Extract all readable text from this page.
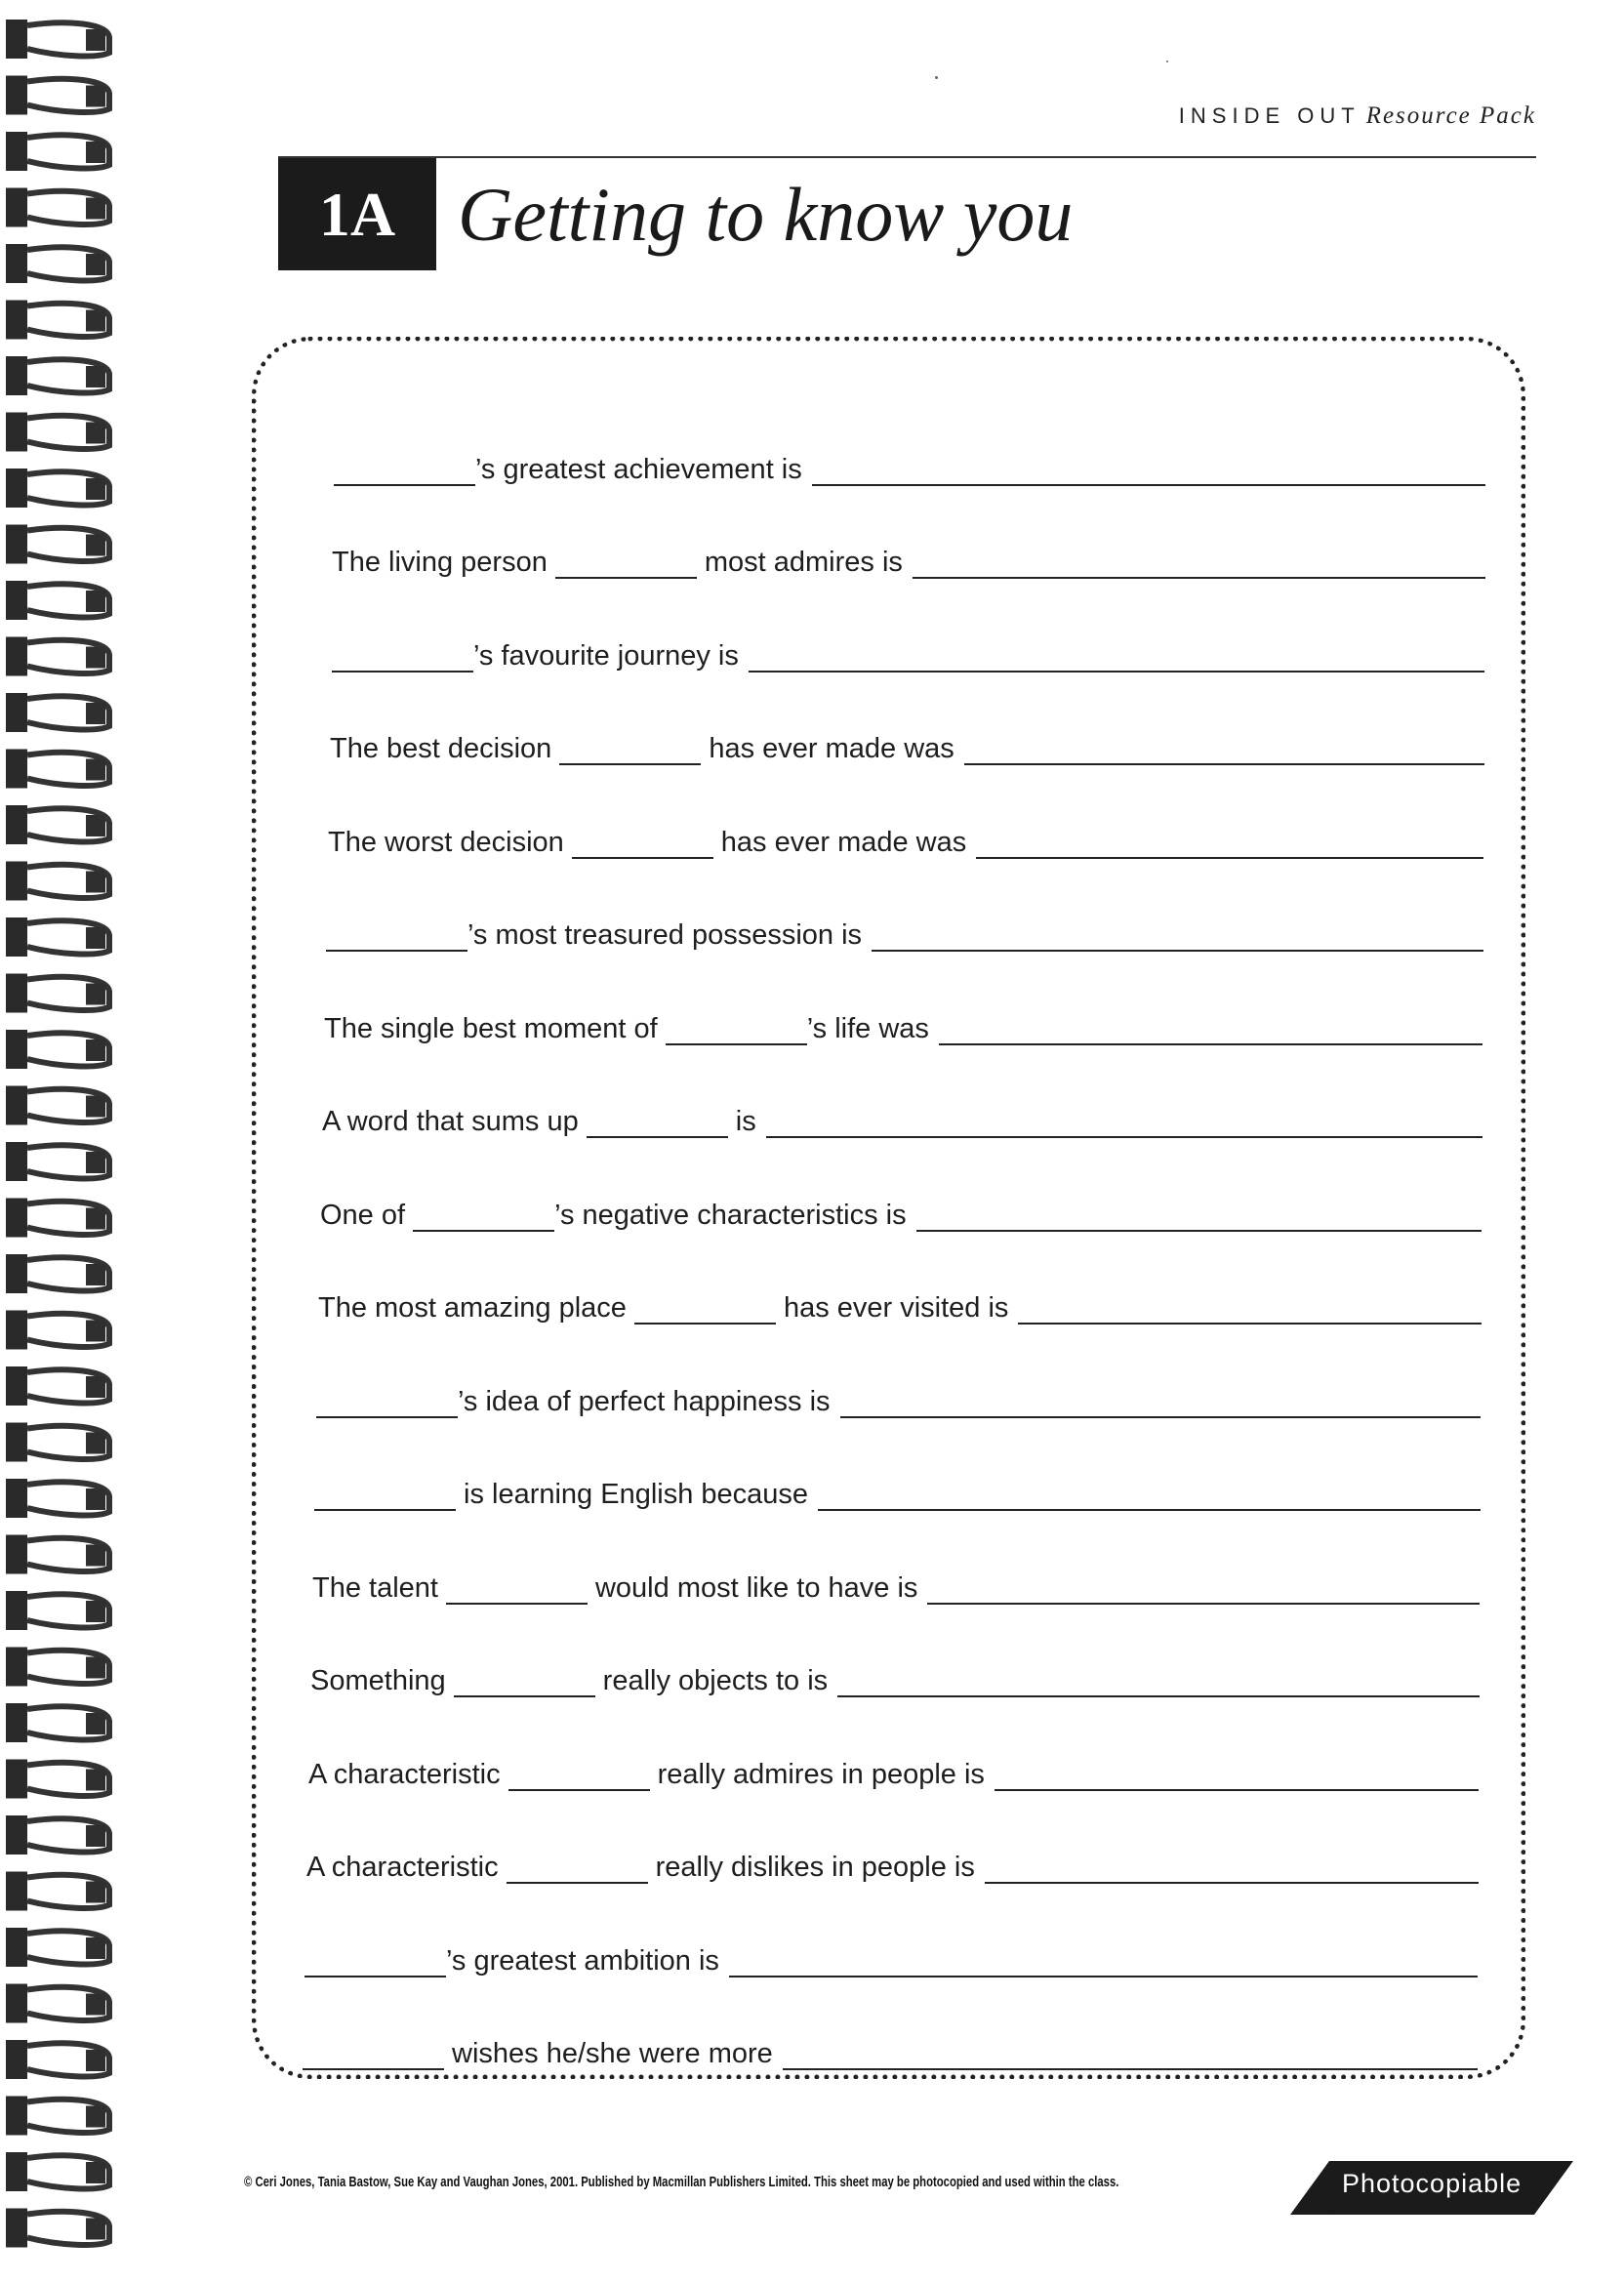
INSIDE OUT Resource Pack
1A Getting to know you
’s greatest achievement is
The living person	most admires is
’s favourite journey is
The best decision	has ever made was
The worst decision	has ever made was
’s most treasured possession is
The single best moment of	’s life was
A word that sums up	is
One of	’s negative characteristics is
The most amazing place	has ever visited is
’s idea of perfect happiness is
is learning English because
The talent	would most like to have is
Something	really objects to is
A characteristic	really admires in people is
A characteristic	really dislikes in people is
’s greatest ambition is
wishes he/she were more
© Ceri Jones, Tania Bastow, Sue Kay and Vaughan Jones, 2001. Published by Macmillan Publishers Limited. This sheet may be photocopied and used within the class.	Photocopiable
